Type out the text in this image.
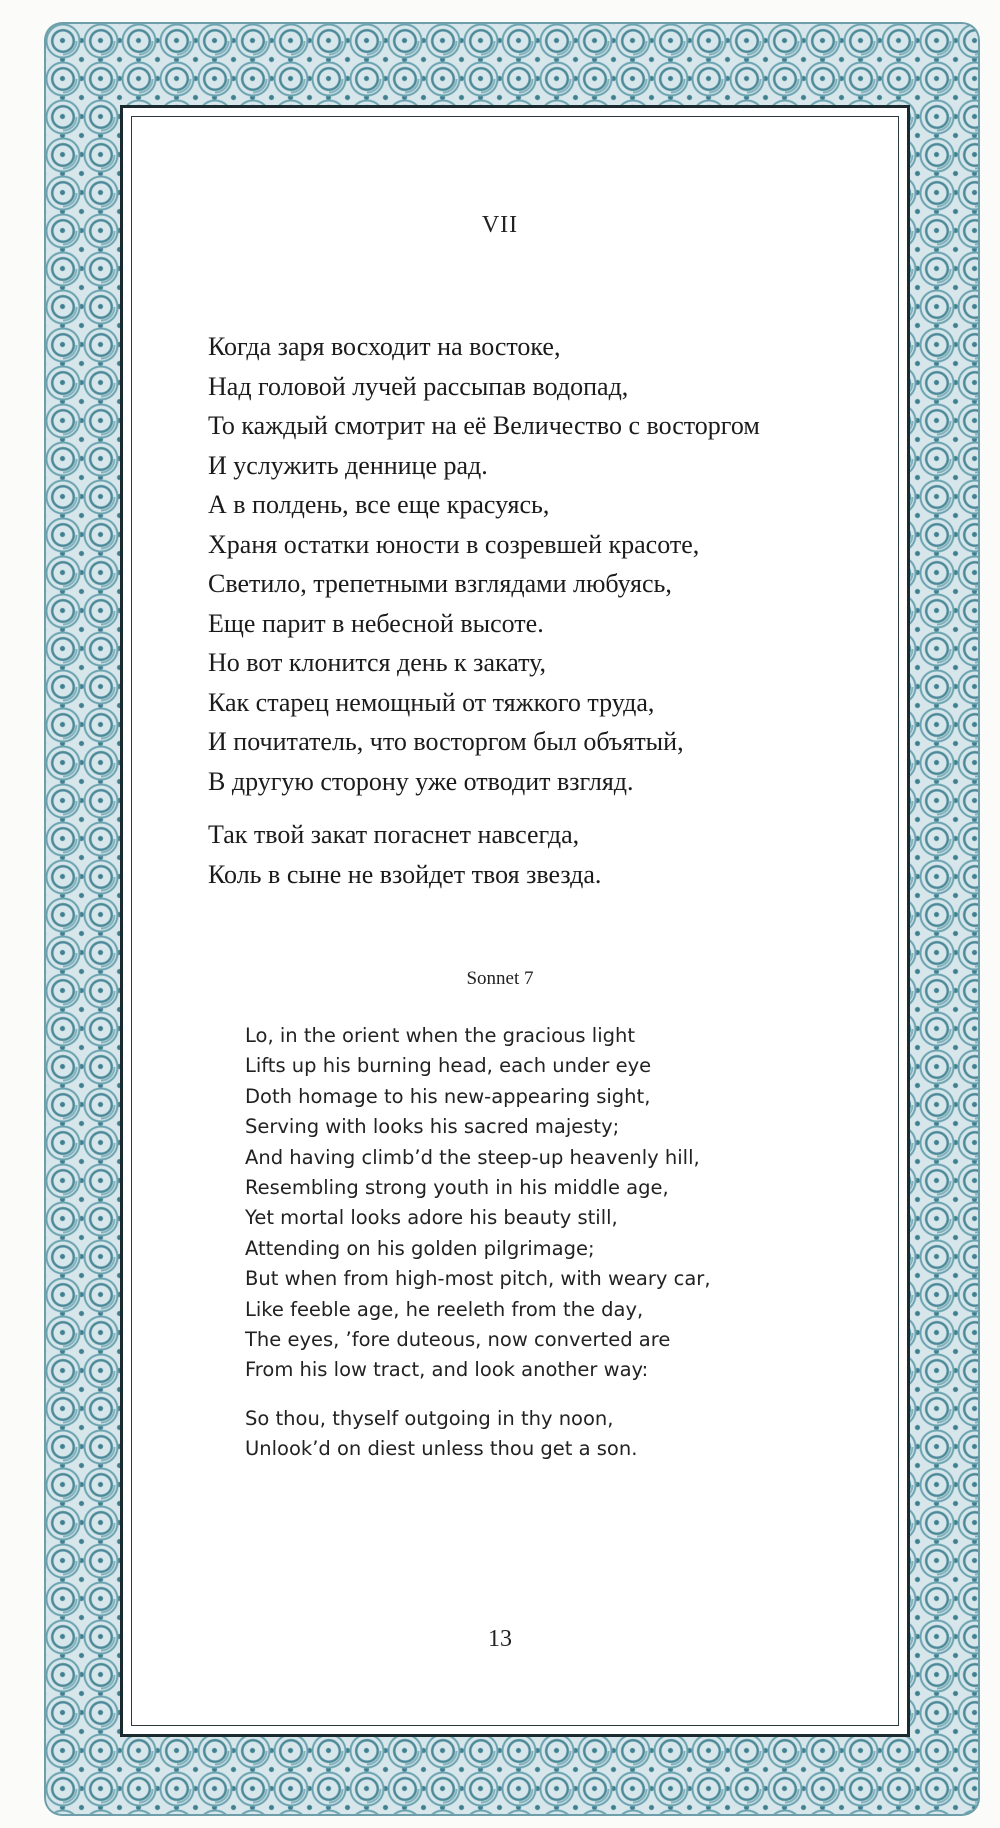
VII
Когда заря восходит на востоке,
Над головой лучей рассыпав водопад,
То каждый смотрит на её Величество с восторгом
И услужить деннице рад.
А в полдень, все еще красуясь,
Храня остатки юности в созревшей красоте,
Светило, трепетными взглядами любуясь,
Еще парит в небесной высоте.
Но вот клонится день к закату,
Как старец немощный от тяжкого труда,
И почитатель, что восторгом был объятый,
В другую сторону уже отводит взгляд.
Так твой закат погаснет навсегда,
Коль в сыне не взойдет твоя звезда.
Sonnet 7
Lo, in the orient when the gracious light
Lifts up his burning head, each under eye
Doth homage to his new-appearing sight,
Serving with looks his sacred majesty;
And having climb’d the steep-up heavenly hill,
Resembling strong youth in his middle age,
Yet mortal looks adore his beauty still,
Attending on his golden pilgrimage;
But when from high-most pitch, with weary car,
Like feeble age, he reeleth from the day,
The eyes, ’fore duteous, now converted are
From his low tract, and look another way:
So thou, thyself outgoing in thy noon,
Unlook’d on diest unless thou get a son.
13
